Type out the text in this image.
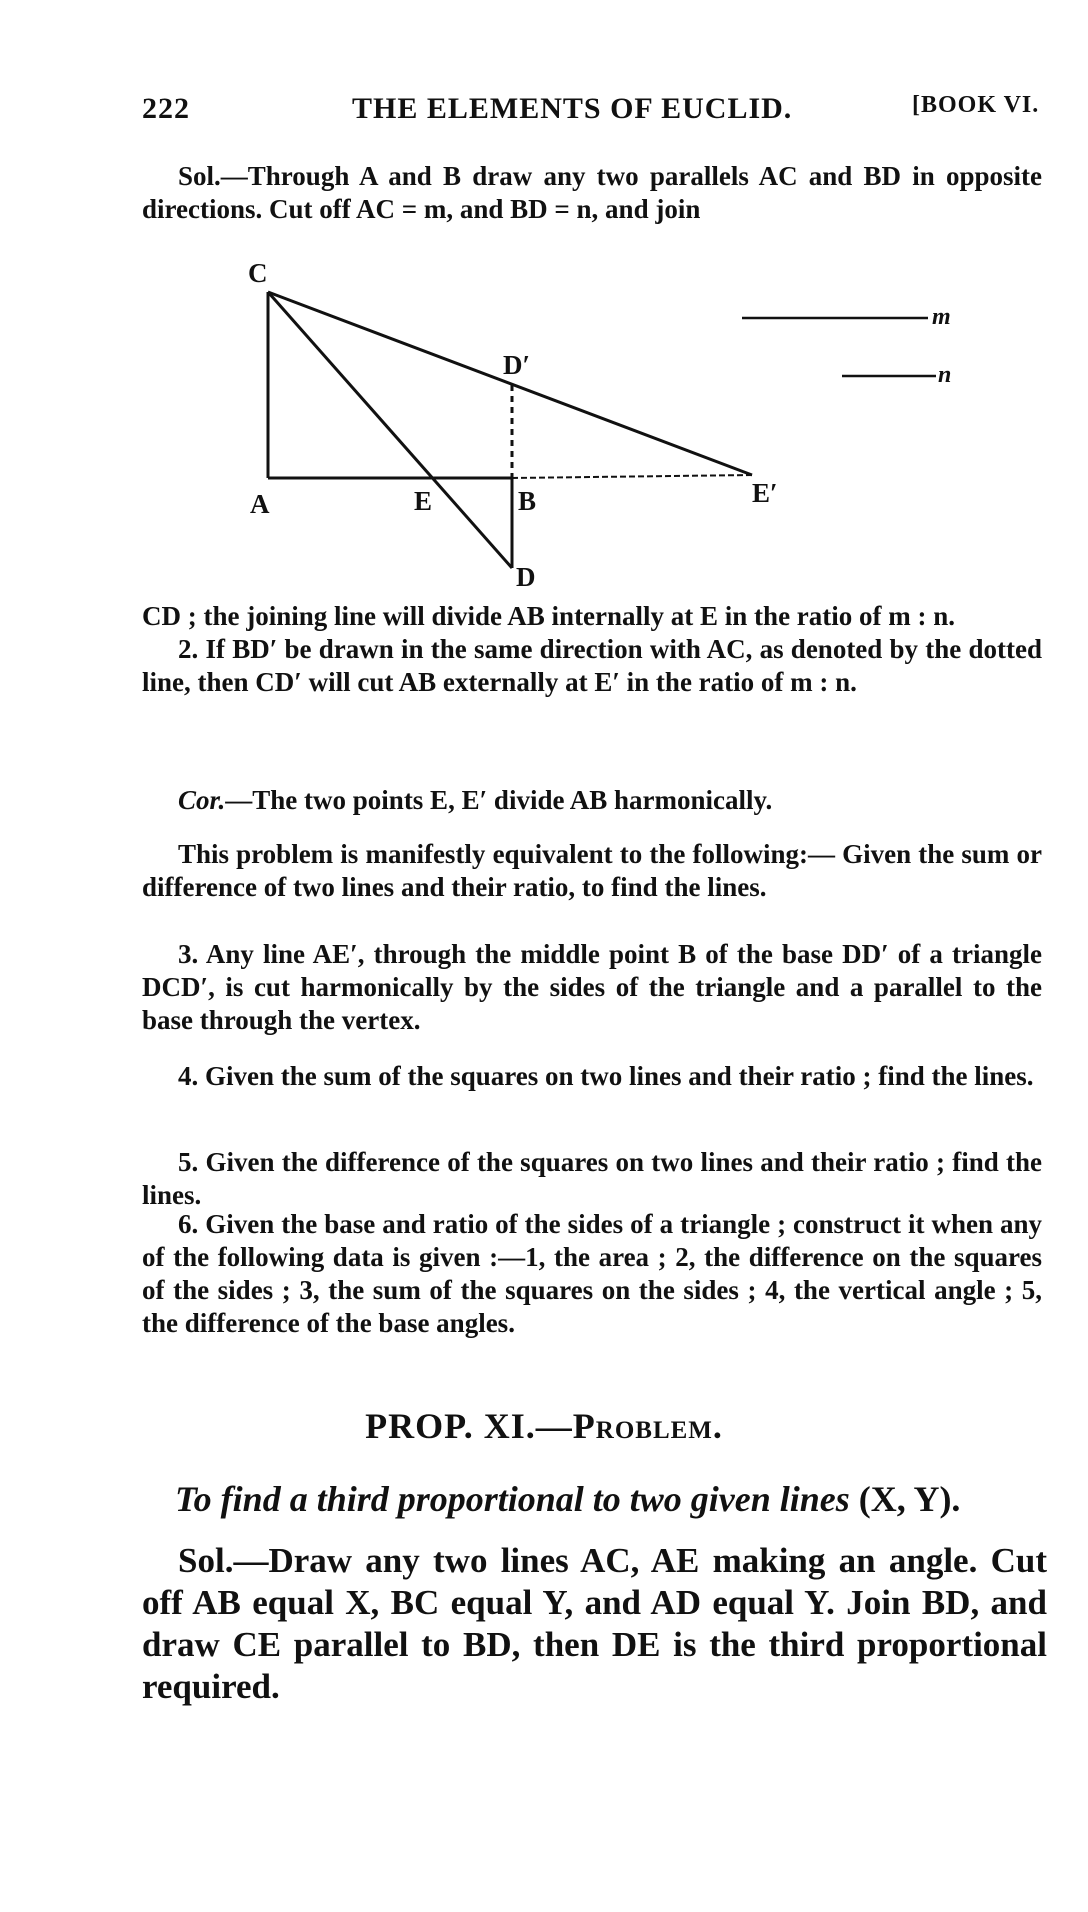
222	THE ELEMENTS OF EUCLID.	[BOOK VI.

Sol.—Through A and B draw any two parallels AC and BD in opposite directions. Cut off AC = m, and BD = n, and join

C
D′
A	E	B	E′
D
m
n

CD ; the joining line will divide AB internally at E in the ratio of m : n.

2. If BD′ be drawn in the same direction with AC, as denoted by the dotted line, then CD′ will cut AB externally at E′ in the ratio of m : n.

Cor.—The two points E, E′ divide AB harmonically.

This problem is manifestly equivalent to the following:— Given the sum or difference of two lines and their ratio, to find the lines.

3. Any line AE′, through the middle point B of the base DD′ of a triangle DCD′, is cut harmonically by the sides of the triangle and a parallel to the base through the vertex.

4. Given the sum of the squares on two lines and their ratio ; find the lines.

5. Given the difference of the squares on two lines and their ratio ; find the lines.

6. Given the base and ratio of the sides of a triangle ; construct it when any of the following data is given :—1, the area ; 2, the difference on the squares of the sides ; 3, the sum of the squares on the sides ; 4, the vertical angle ; 5, the difference of the base angles.

PROP. XI.—Problem.
To find a third proportional to two given lines (X, Y).

Sol.—Draw any two lines AC, AE making an angle. Cut off AB equal X, BC equal Y, and AD equal Y. Join BD, and draw CE parallel to BD, then DE is the third proportional required.
